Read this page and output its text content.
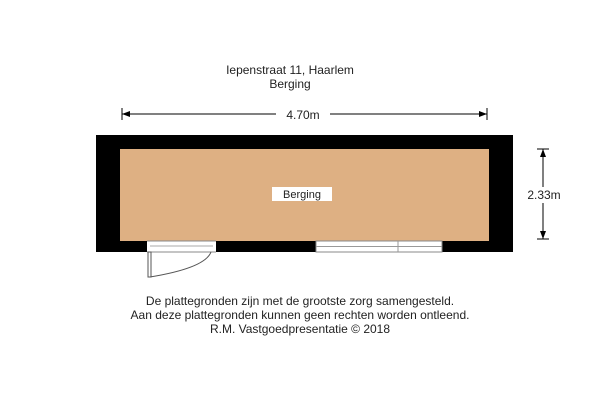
Iepenstraat 11, Haarlem
Berging
4.70m
2.33m
Berging
De plattegronden zijn met de grootste zorg samengesteld.
Aan deze plattegronden kunnen geen rechten worden ontleend.
R.M. Vastgoedpresentatie © 2018
